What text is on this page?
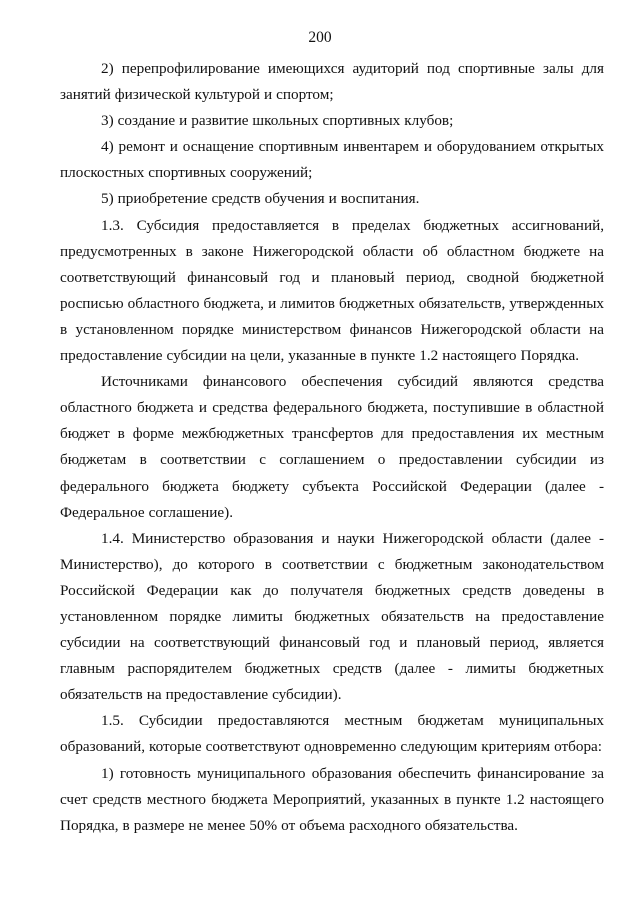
200

2) перепрофилирование имеющихся аудиторий под спортивные залы для занятий физической культурой и спортом;

3) создание и развитие школьных спортивных клубов;

4) ремонт и оснащение спортивным инвентарем и оборудованием открытых плоскостных спортивных сооружений;

5) приобретение средств обучения и воспитания.

1.3. Субсидия предоставляется в пределах бюджетных ассигнований, предусмотренных в законе Нижегородской области об областном бюджете на соответствующий финансовый год и плановый период, сводной бюджетной росписью областного бюджета, и лимитов бюджетных обязательств, утвержденных в установленном порядке министерством финансов Нижегородской области на предоставление субсидии на цели, указанные в пункте 1.2 настоящего Порядка.

Источниками финансового обеспечения субсидий являются средства областного бюджета и средства федерального бюджета, поступившие в областной бюджет в форме межбюджетных трансфертов для предоставления их местным бюджетам в соответствии с соглашением о предоставлении субсидии из федерального бюджета бюджету субъекта Российской Федерации (далее - Федеральное соглашение).

1.4. Министерство образования и науки Нижегородской области (далее - Министерство), до которого в соответствии с бюджетным законодательством Российской Федерации как до получателя бюджетных средств доведены в установленном порядке лимиты бюджетных обязательств на предоставление субсидии на соответствующий финансовый год и плановый период, является главным распорядителем бюджетных средств (далее - лимиты бюджетных обязательств на предоставление субсидии).

1.5. Субсидии предоставляются местным бюджетам муниципальных образований, которые соответствуют одновременно следующим критериям отбора:

1) готовность муниципального образования обеспечить финансирование за счет средств местного бюджета Мероприятий, указанных в пункте 1.2 настоящего Порядка, в размере не менее 50% от объема расходного обязательства.
